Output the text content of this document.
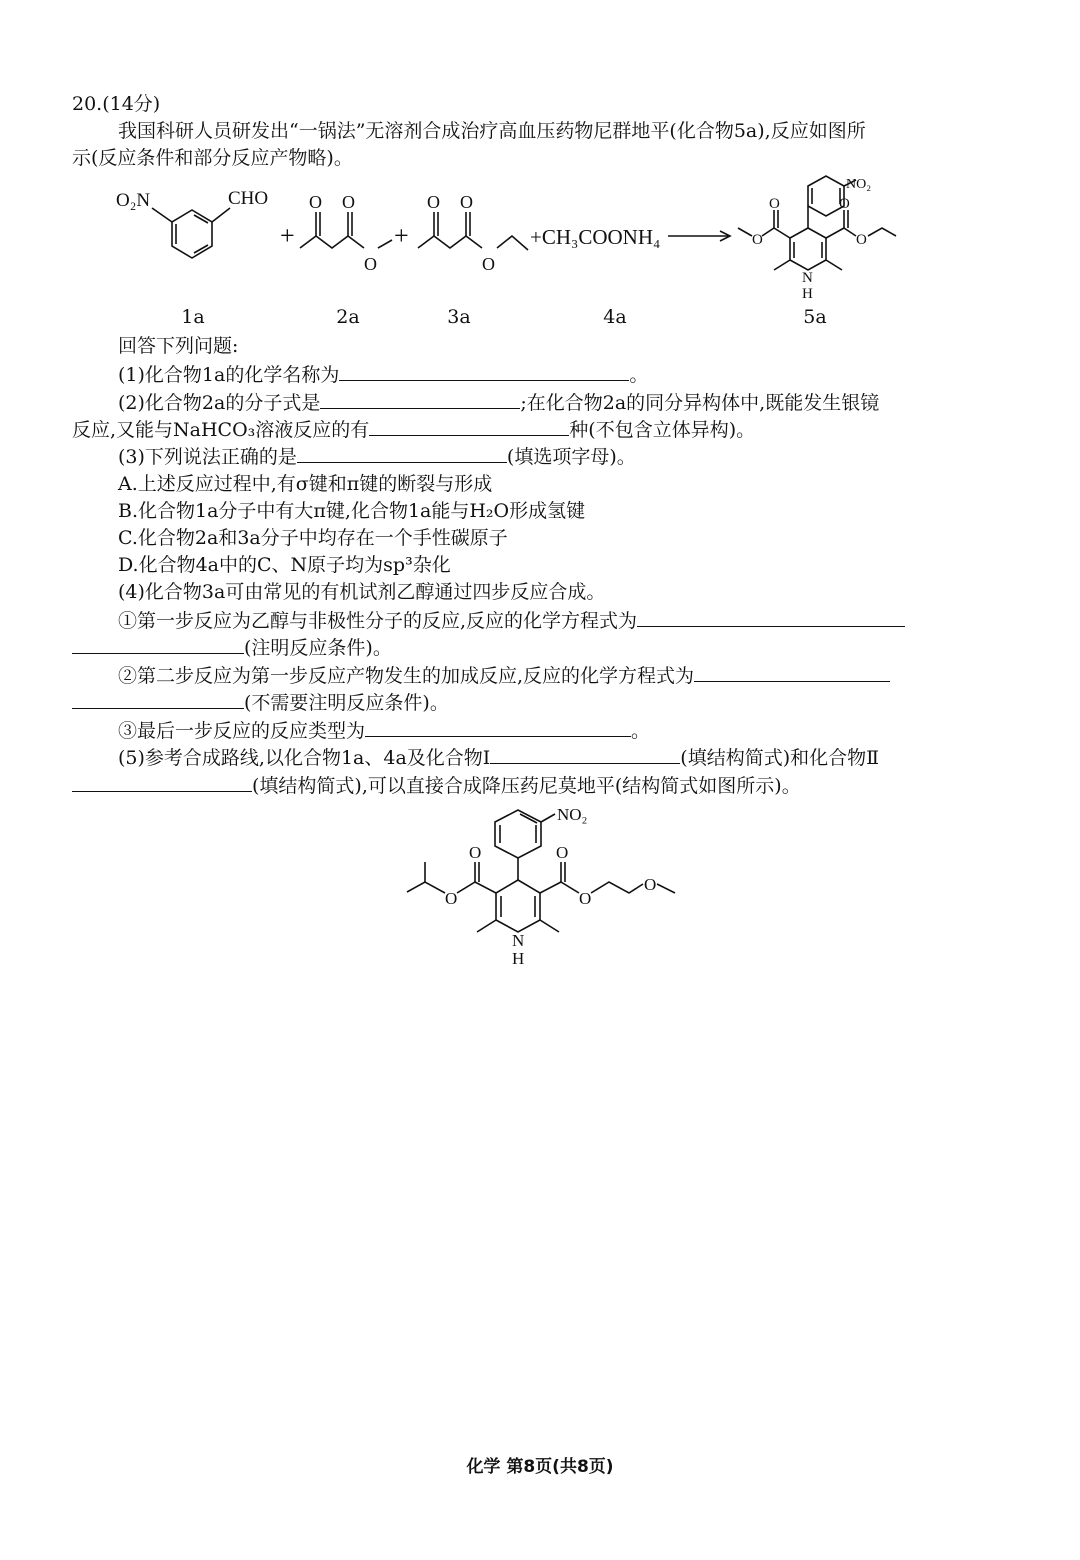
20.(14分)
我国科研人员研发出“一锅法”无溶剂合成治疗高血压药物尼群地平(化合物5a),反应如图所
示(反应条件和部分反应产物略)。
O₂N	CHO
+
O O
O
+
O O
O
+CH₃COONH₄
NO₂
O	O
O	O
N
H
1a	2a	3a	4a	5a
回答下列问题:
(1)化合物1a的化学名称为	。
(2)化合物2a的分子式是	;在化合物2a的同分异构体中,既能发生银镜
反应,又能与NaHCO₃溶液反应的有	种(不包含立体异构)。
(3)下列说法正确的是	(填选项字母)。
A.上述反应过程中,有σ键和π键的断裂与形成
B.化合物1a分子中有大π键,化合物1a能与H₂O形成氢键
C.化合物2a和3a分子中均存在一个手性碳原子
D.化合物4a中的C、N原子均为sp³杂化
(4)化合物3a可由常见的有机试剂乙醇通过四步反应合成。
①第一步反应为乙醇与非极性分子的反应,反应的化学方程式为
(注明反应条件)。
②第二步反应为第一步反应产物发生的加成反应,反应的化学方程式为
(不需要注明反应条件)。
③最后一步反应的反应类型为	。
(5)参考合成路线,以化合物1a、4a及化合物Ⅰ	(填结构简式)和化合物Ⅱ
(填结构简式),可以直接合成降压药尼莫地平(结构简式如图所示)。
NO₂
O	O
O	O
O
N
H
化学 第8页(共8页)
